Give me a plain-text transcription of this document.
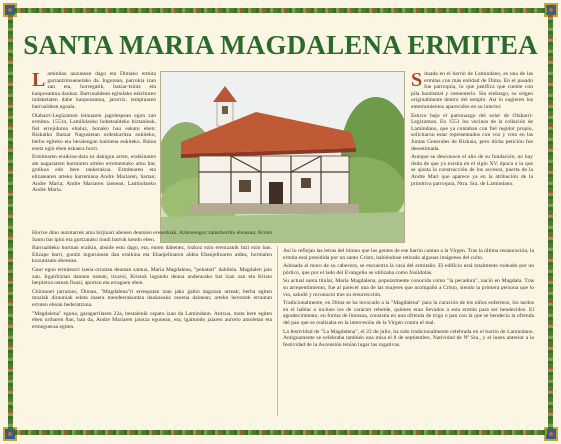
SANTA MARIA MAGDALENA ERMITEA

Lamindao auzunean dago eta Dimako ermita garrantzitsuenetako da. Ingurean, parrokia izan zan eta, horregatik, batzar-tsintz eta kanposantua daukaz. Barruualdean egindako eskrituren indaketaten dabe kanposantua, jatorriz, templuaren barrualdean egoala.

Olabarri-Legizamon leinuaren jagolespean egon zan ermitea. 1551n, Lamiñdaoko hobetsaldeko biztanleak, fiel errejidorea ebaluz, honako hau eskatu eben: Bizkaiko Batzar Nagusietan ordezkaritza eukiteko, berba egiteko eta beraiengan baimena eukiteko. Baina ezetz egin eben eskaera horri.

Ermitearen eraikina-data ez dakigun arren, eraikinaren ate nagusiaren hormaren arteko errementako arku bat; gotikoa edo bere tankerakoa. Ermitearen eta elizatearen arteko harremana Andre Mariaren, hartan; Andre Maria; Andre Mariaren izenean, Lamindaoko Andre Maria.

Situada en el barrio de Lamindano, es una de las ermitas con más entidad de Dima. En el pasado fue parroquia, lo que justifica que cuente con pila bautismal y cementerio. Sin embargo, su origen originalmente dentro del templo. Así lo sugieren los enterramientos aparecidos en su interior.

Estuvo bajo el patronazgo del solar de Olabarri-Legizamon. En 1551 los vecinos de la collación de Lamindano, que ya contaban con fiel regidor propio, solicitaron estar representados con voz y voto en las Juntas Generales de Bizkaia, pero dicha petición fue desestimada.

Aunque se desconoce el año de su fundación, no hay duda de que ya existía en el siglo XV, época a la que se ajusta la construcción de los accesos, puerta de la Andre Mari que aparece ya en la atribución de la primitiva parroquia, Ntra. Sra. de Lamindano.

Horixe dino auzotarrek ama birjinari abenen deutsien ereserkiak. Azkenengoz zaharberritu ebenean, Kristo Santu bat ipini eta gurtzarako inudi barruk kendu eben.

Barrualdeko horman eraikin, abside estu dago, eta, euren dabenez, lozkoz ezin erenizanik bizi ezin bao. Elizape barri, gunitz ingurunean dau eraikina eta Ebanjelioaren aldea Ebanjelioaren aldea, hormalen kuzuntzatu ebenean.

Gaur egun ermitearri izena ornotan deutsan santua, Maria Magdalena, "pekatari" dabilela. Magdalen jaio zan. Irgairbizian dannen ostean, itxaroi, Kristok lagundu deuna anderarako bat izan zan eta Kristo herpietxa ostean fisazi, aportzn eta erraguen eben.

Chiraunei jarrainez, Diman, "Magdalena"ri errespatan izan jako gabio dagozan urteak; berba egiten mozlak dirauniak edota inaera mendeerakuntza daukaeaka osoena dainean; artekn herotzek errautan erruten eboan bederatzuna.

"Magdalena" eguna, garagarrilaren 22a, bestalenik ospatu izan da Lamindaon. Antxua, mata bere egiten eben uribaren 8an, hau da, Andre Mariaren jaiotza egunean, eta, lgaitundo jaiaren aurrelo amoletan eta ermegueraa egiten.

Así lo reflejan las letras del himno que las gentes de ese barrio cantan a la Virgen. Tras la última restauración, la ermita está presidida por un santo Cristo, habiéndose retirado algunas imágenes del culto.

Adosada al muro de su cabecera, se encuentra la casa del ermitaño. El edificio está totalmente rodeado por un pórtico, que por el lado del Evangelio se utilizaba como fosildolas.

Su actual santa titular, María Magdalena, popularmente conocida como "la pecadora", nació en Magdala. Tras su arrepentimiento, fue al parecer una de las mujeres que acompañó a Cristo, siendo la primera persona que lo vio, saludó y reconoció tras su resurrección.

Tradicionalmente, en Dima se ha invocado a la "Magdalena" para la curación de los niños enfermos, los tardos en el hablar o incluso los de carácter rebelde, quienes eran llevados a esta ermita para ser bendecidos. El agradecimiento, en forma de limosna, consistía en una ofrenda de trigo o pan con la que se bendecía la ofrenda del pan que se realizaba en la intercesión de la Virgen contra el mal.

La festividad de "La Magdalena", el 22 de julio, ha sido tradicionalmente celebrada en el barrio de Lamindano. Antiguamente se celebraba también una misa el 8 de septiembre, Natividad de Nª Sra., y el lunes anterior a la festividad de la Ascensión tenían lugar las rogativas.
